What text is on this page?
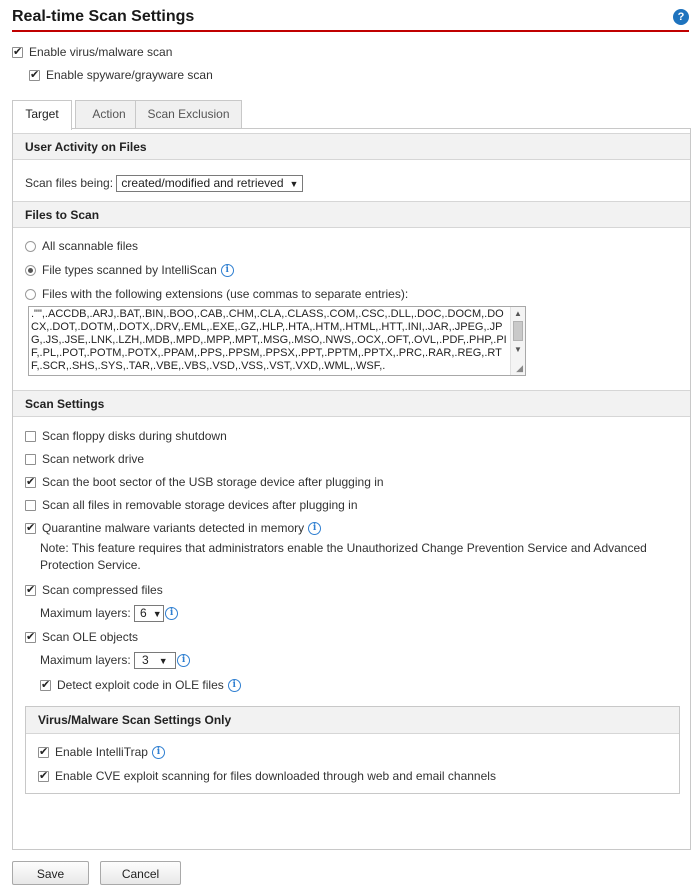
Real-time Scan Settings	?
✔Enable virus/malware scan
✔Enable spyware/grayware scan
Target	Action	Scan Exclusion
User Activity on Files
Scan files being: created/modified and retrieved ▼
Files to Scan
All scannable files
File types scanned by IntelliScan i
Files with the following extensions (use commas to separate entries):
."",.ACCDB,.ARJ,.BAT,.BIN,.BOO,.CAB,.CHM,.CLA,.CLASS,.COM,.CSC,.DLL,.DOC,.DOCM,.DOCX,.DOT,.DOTM,.DOTX,.DRV,.EML,.EXE,.GZ,.HLP,.HTA,.HTM,.HTML,.HTT,.INI,.JAR,.JPEG,.JPG,.JS,.JSE,.LNK,.LZH,.MDB,.MPD,.MPP,.MPT,.MSG,.MSO,.NWS,.OCX,.OFT,.OVL,.PDF,.PHP,.PIF,.PL,.POT,.POTM,.POTX,.PPAM,.PPS,.PPSM,.PPSX,.PPT,.PPTM,.PPTX,.PRC,.RAR,.REG,.RTF,.SCR,.SHS,.SYS,.TAR,.VBE,.VBS,.VSD,.VSS,.VST,.VXD,.WML,.WSF,.
▲
▼
◢
Scan Settings
Scan floppy disks during shutdown
Scan network drive
✔Scan the boot sector of the USB storage device after plugging in
Scan all files in removable storage devices after plugging in
✔Quarantine malware variants detected in memory i
Note: This feature requires that administrators enable the Unauthorized Change Prevention Service and Advanced Protection Service.
✔Scan compressed files
Maximum layers: 6 ▼ i
✔Scan OLE objects
Maximum layers: 3 ▼ i
✔Detect exploit code in OLE files i
Virus/Malware Scan Settings Only
✔Enable IntelliTrap i
✔Enable CVE exploit scanning for files downloaded through web and email channels
Save	Cancel
